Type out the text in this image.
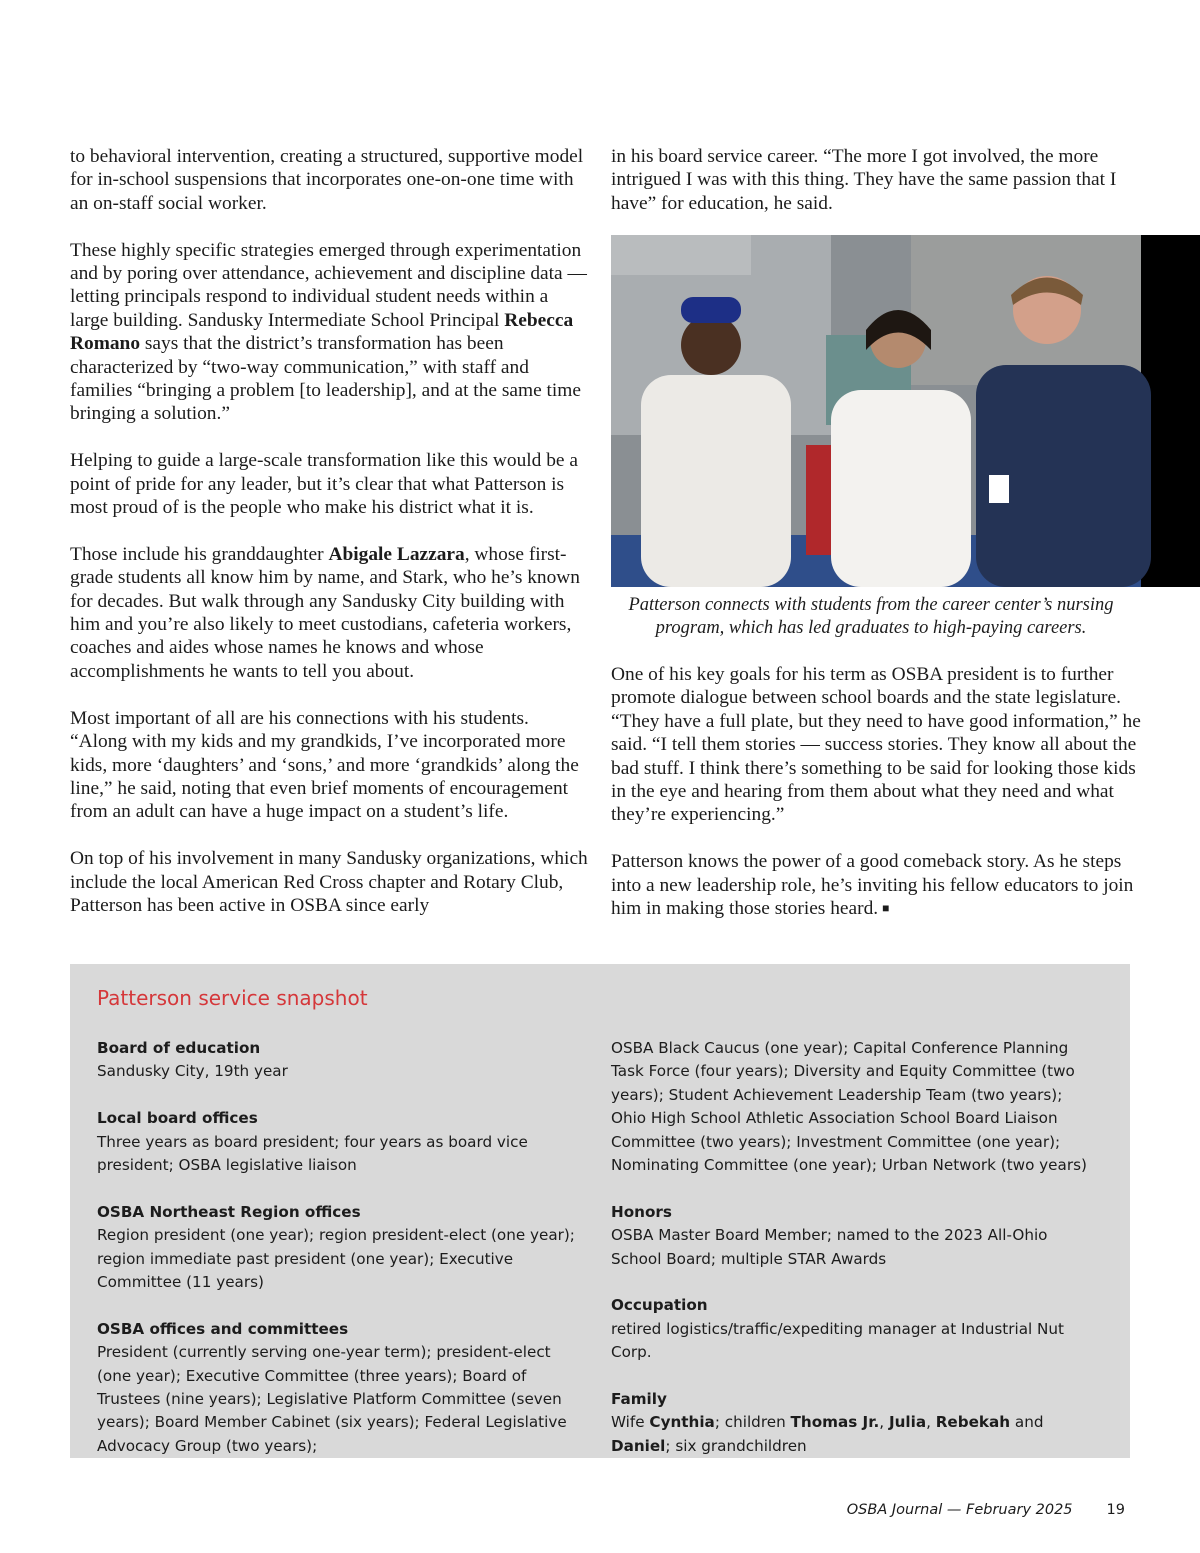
to behavioral intervention, creating a structured, supportive model for in-school suspensions that incorporates one-on-one time with an on-staff social worker.

These highly specific strategies emerged through experimentation and by poring over attendance, achievement and discipline data — letting principals respond to individual student needs within a large building. Sandusky Intermediate School Principal Rebecca Romano says that the district’s transformation has been characterized by “two-way communication,” with staff and families “bringing a problem [to leadership], and at the same time bringing a solution.”

Helping to guide a large-scale transformation like this would be a point of pride for any leader, but it’s clear that what Patterson is most proud of is the people who make his district what it is.

Those include his granddaughter Abigale Lazzara, whose first-grade students all know him by name, and Stark, who he’s known for decades. But walk through any Sandusky City building with him and you’re also likely to meet custodians, cafeteria workers, coaches and aides whose names he knows and whose accomplishments he wants to tell you about.

Most important of all are his connections with his students. “Along with my kids and my grandkids, I’ve incorporated more kids, more ‘daughters’ and ‘sons,’ and more ‘grandkids’ along the line,” he said, noting that even brief moments of encouragement from an adult can have a huge impact on a student’s life.

On top of his involvement in many Sandusky organizations, which include the local American Red Cross chapter and Rotary Club, Patterson has been active in OSBA since early

in his board service career. “The more I got involved, the more intrigued I was with this thing. They have the same passion that I have” for education, he said.

Patterson connects with students from the career center’s nursing program, which has led graduates to high-paying careers.

One of his key goals for his term as OSBA president is to further promote dialogue between school boards and the state legislature. “They have a full plate, but they need to have good information,” he said. “I tell them stories — success stories. They know all about the bad stuff. I think there’s something to be said for looking those kids in the eye and hearing from them about what they need and what they’re experiencing.”

Patterson knows the power of a good comeback story. As he steps into a new leadership role, he’s inviting his fellow educators to join him in making those stories heard. ■

Patterson service snapshot
Board of education
Sandusky City, 19th year
Local board offices
Three years as board president; four years as board vice president; OSBA legislative liaison
OSBA Northeast Region offices
Region president (one year); region president-elect (one year); region immediate past president (one year); Executive Committee (11 years)
OSBA offices and committees
President (currently serving one-year term); president-elect (one year); Executive Committee (three years); Board of Trustees (nine years); Legislative Platform Committee (seven years); Board Member Cabinet (six years); Federal Legislative Advocacy Group (two years);
OSBA Black Caucus (one year); Capital Conference Planning Task Force (four years); Diversity and Equity Committee (two years); Student Achievement Leadership Team (two years); Ohio High School Athletic Association School Board Liaison Committee (two years); Investment Committee (one year); Nominating Committee (one year); Urban Network (two years)
Honors
OSBA Master Board Member; named to the 2023 All-Ohio School Board; multiple STAR Awards
Occupation
retired logistics/traffic/expediting manager at Industrial Nut Corp.
Family
Wife Cynthia; children Thomas Jr., Julia, Rebekah and Daniel; six grandchildren
OSBA Journal — February 2025 19
